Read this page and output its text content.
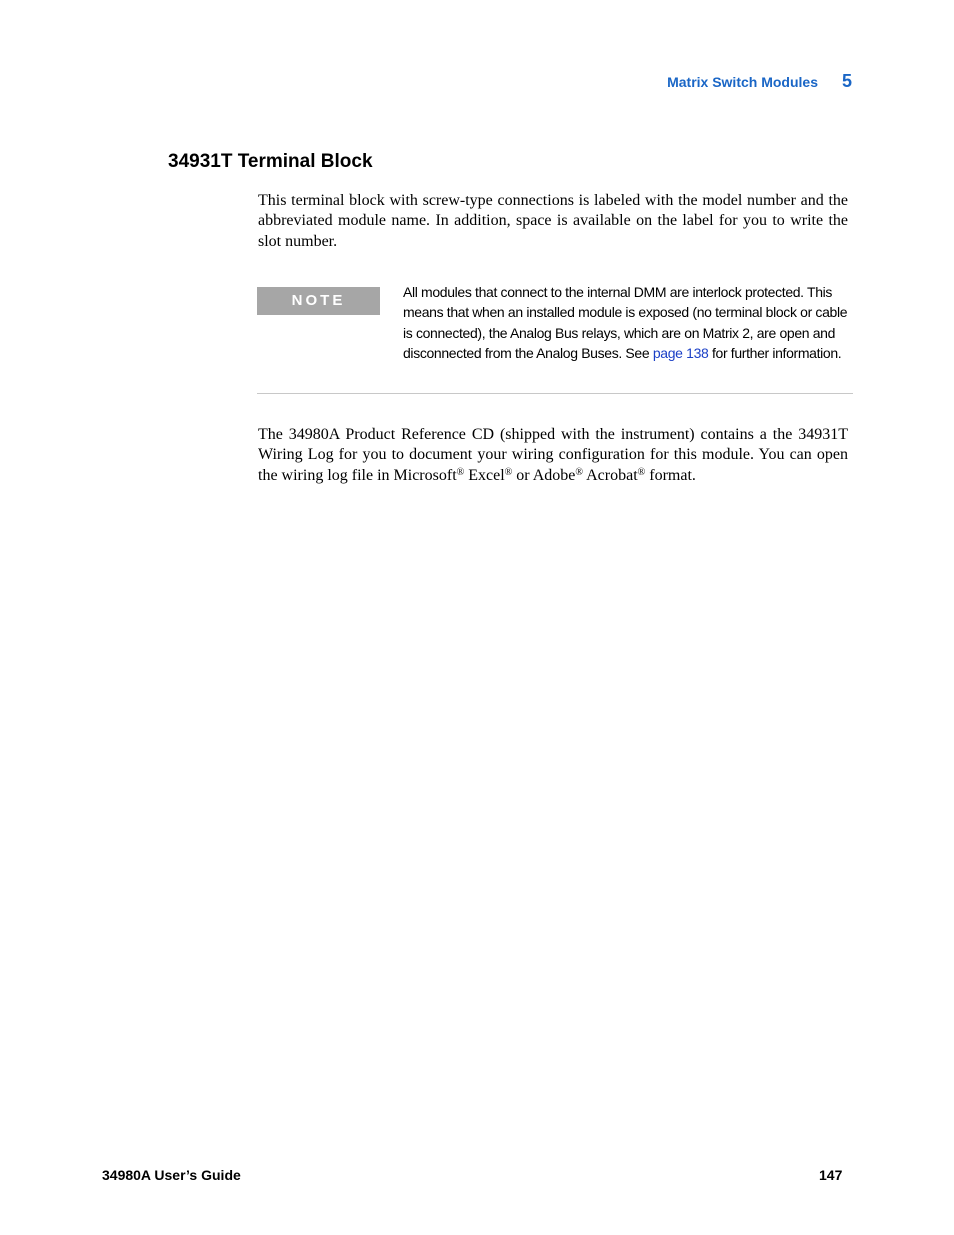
Matrix Switch Modules 5
34931T Terminal Block

This terminal block with screw-type connections is labeled with the model number and the abbreviated module name. In addition, space is available on the label for you to write the slot number.

NOTE	All modules that connect to the internal DMM are interlock protected. This means that when an installed module is exposed (no terminal block or cable is connected), the Analog Bus relays, which are on Matrix 2, are open and disconnected from the Analog Buses. See page 138 for further information.

The 34980A Product Reference CD (shipped with the instrument) contains a the 34931T Wiring Log for you to document your wiring configuration for this module. You can open the wiring log file in Microsoft® Excel® or Adobe® Acrobat® format.

34980A User’s Guide	147
